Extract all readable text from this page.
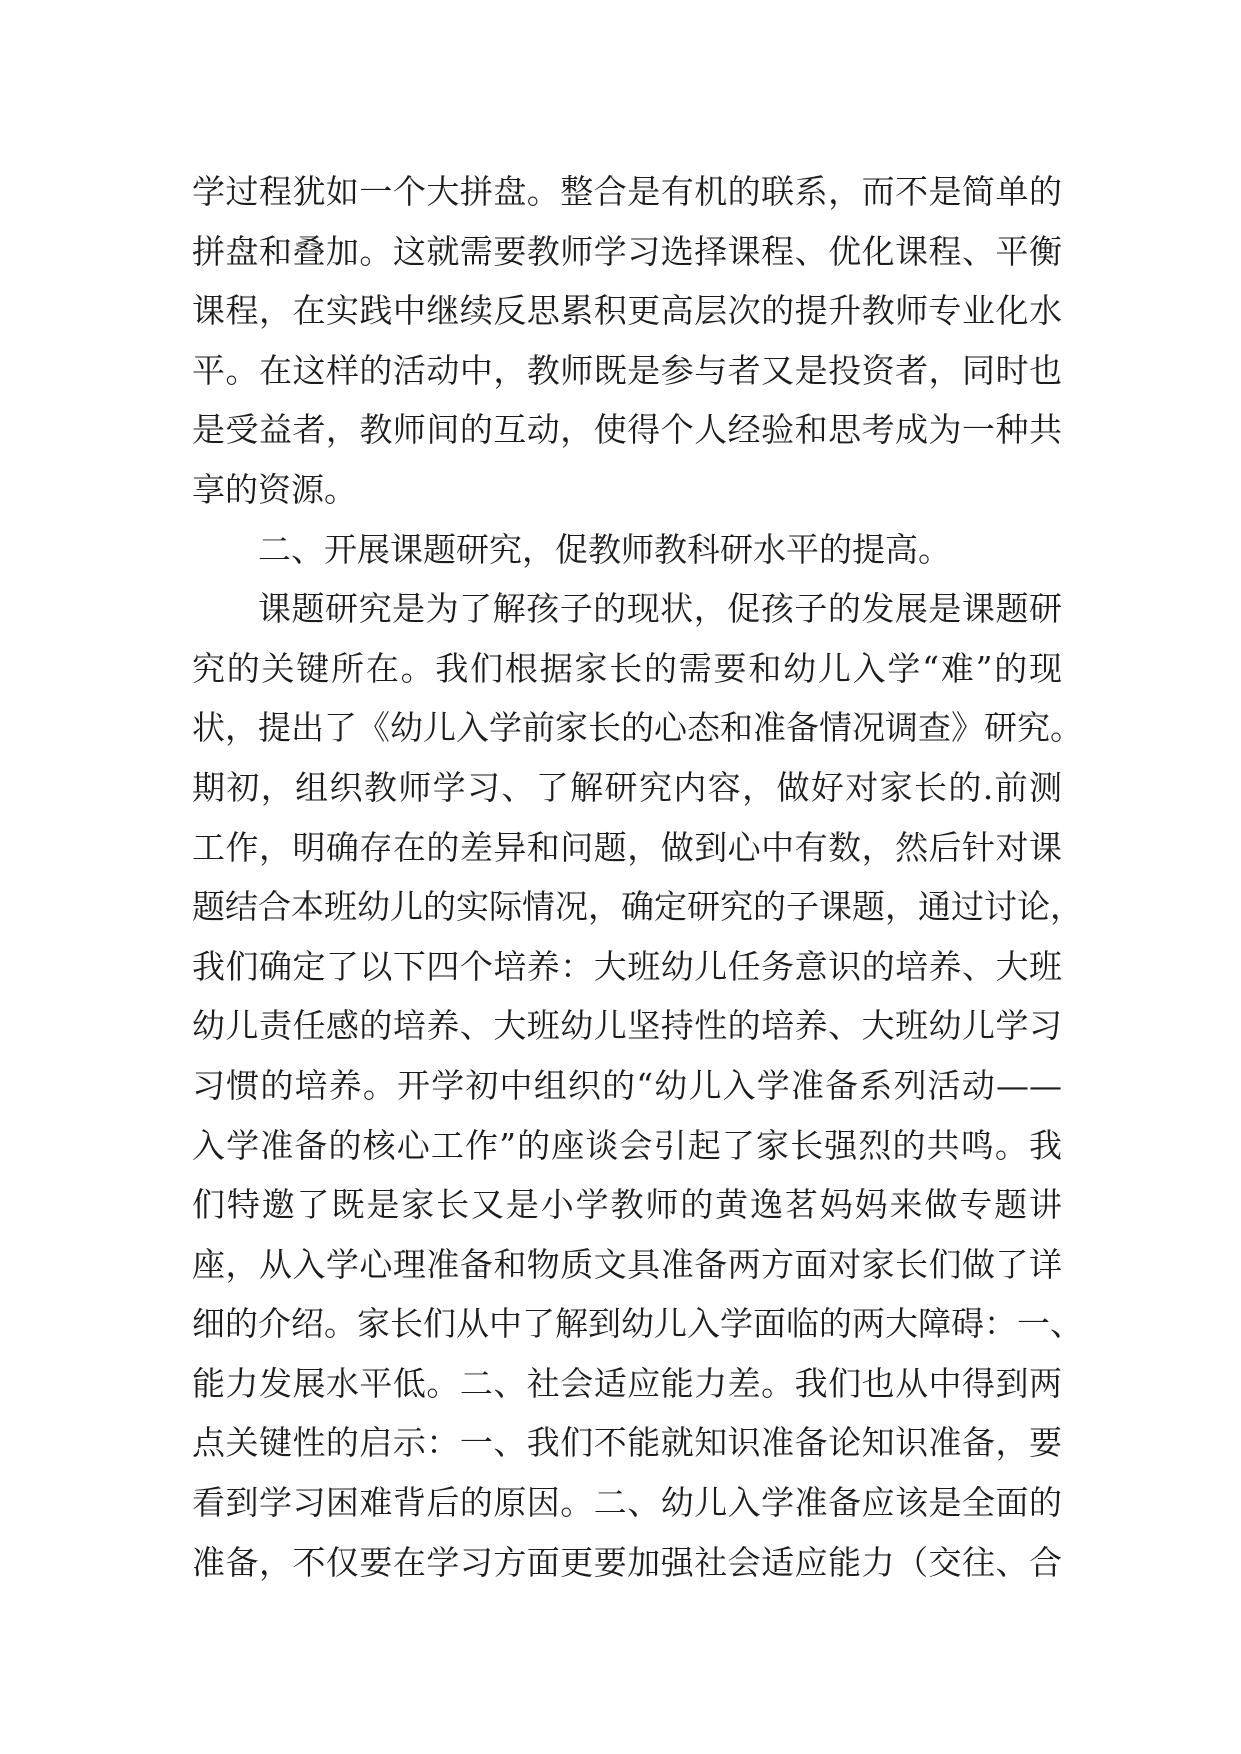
学过程犹如一个大拼盘。整合是有机的联系，而不是简单的
拼盘和叠加。这就需要教师学习选择课程、优化课程、平衡
课程，在实践中继续反思累积更高层次的提升教师专业化水
平。在这样的活动中，教师既是参与者又是投资者，同时也
是受益者，教师间的互动，使得个人经验和思考成为一种共
享的资源。
二、开展课题研究，促教师教科研水平的提高。
课题研究是为了解孩子的现状，促孩子的发展是课题研
究的关键所在。我们根据家长的需要和幼儿入学“难”的现
状，提出了《幼儿入学前家长的心态和准备情况调查》研究。
期初，组织教师学习、了解研究内容，做好对家长的.前测
工作，明确存在的差异和问题，做到心中有数，然后针对课
题结合本班幼儿的实际情况，确定研究的子课题，通过讨论，
我们确定了以下四个培养：大班幼儿任务意识的培养、大班
幼儿责任感的培养、大班幼儿坚持性的培养、大班幼儿学习
习惯的培养。开学初中组织的“幼儿入学准备系列活动——
入学准备的核心工作”的座谈会引起了家长强烈的共鸣。我
们特邀了既是家长又是小学教师的黄逸茗妈妈来做专题讲
座，从入学心理准备和物质文具准备两方面对家长们做了详
细的介绍。家长们从中了解到幼儿入学面临的两大障碍：一、
能力发展水平低。二、社会适应能力差。我们也从中得到两
点关键性的启示：一、我们不能就知识准备论知识准备，要
看到学习困难背后的原因。二、幼儿入学准备应该是全面的
准备，不仅要在学习方面更要加强社会适应能力（交往、合
